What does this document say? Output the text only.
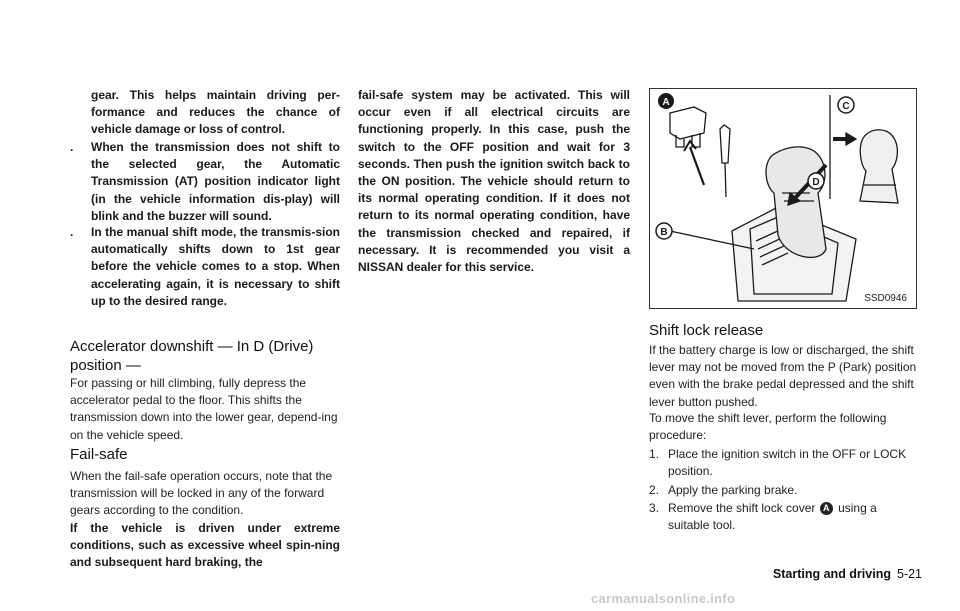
gear. This helps maintain driving per-formance and reduces the chance of vehicle damage or loss of control.

. When the transmission does not shift to the selected gear, the Automatic Transmission (AT) position indicator light (in the vehicle information dis-play) will blink and the buzzer will sound.
. In the manual shift mode, the transmis-sion automatically shifts down to 1st gear before the vehicle comes to a stop. When accelerating again, it is necessary to shift up to the desired range.
Accelerator downshift — In D (Drive) position —

For passing or hill climbing, fully depress the accelerator pedal to the floor. This shifts the transmission down into the lower gear, depend-ing on the vehicle speed.

Fail-safe

When the fail-safe operation occurs, note that the transmission will be locked in any of the forward gears according to the condition.

If the vehicle is driven under extreme conditions, such as excessive wheel spin-ning and subsequent hard braking, the

fail-safe system may be activated. This will occur even if all electrical circuits are functioning properly. In this case, push the switch to the OFF position and wait for 3 seconds. Then push the ignition switch back to the ON position. The vehicle should return to its normal operating condition. If it does not return to its normal operating condition, have the transmission checked and repaired, if necessary. It is recommended you visit a NISSAN dealer for this service.

A
B
C
D
SSD0946
Shift lock release

If the battery charge is low or discharged, the shift lever may not be moved from the P (Park) position even with the brake pedal depressed and the shift lever button pushed.

To move the shift lever, perform the following procedure:

1. Place the ignition switch in the OFF or LOCK position.
2. Apply the parking brake.
3. Remove the shift lock cover A using a suitable tool.
Starting and driving 5-21
carmanualsonline.info
